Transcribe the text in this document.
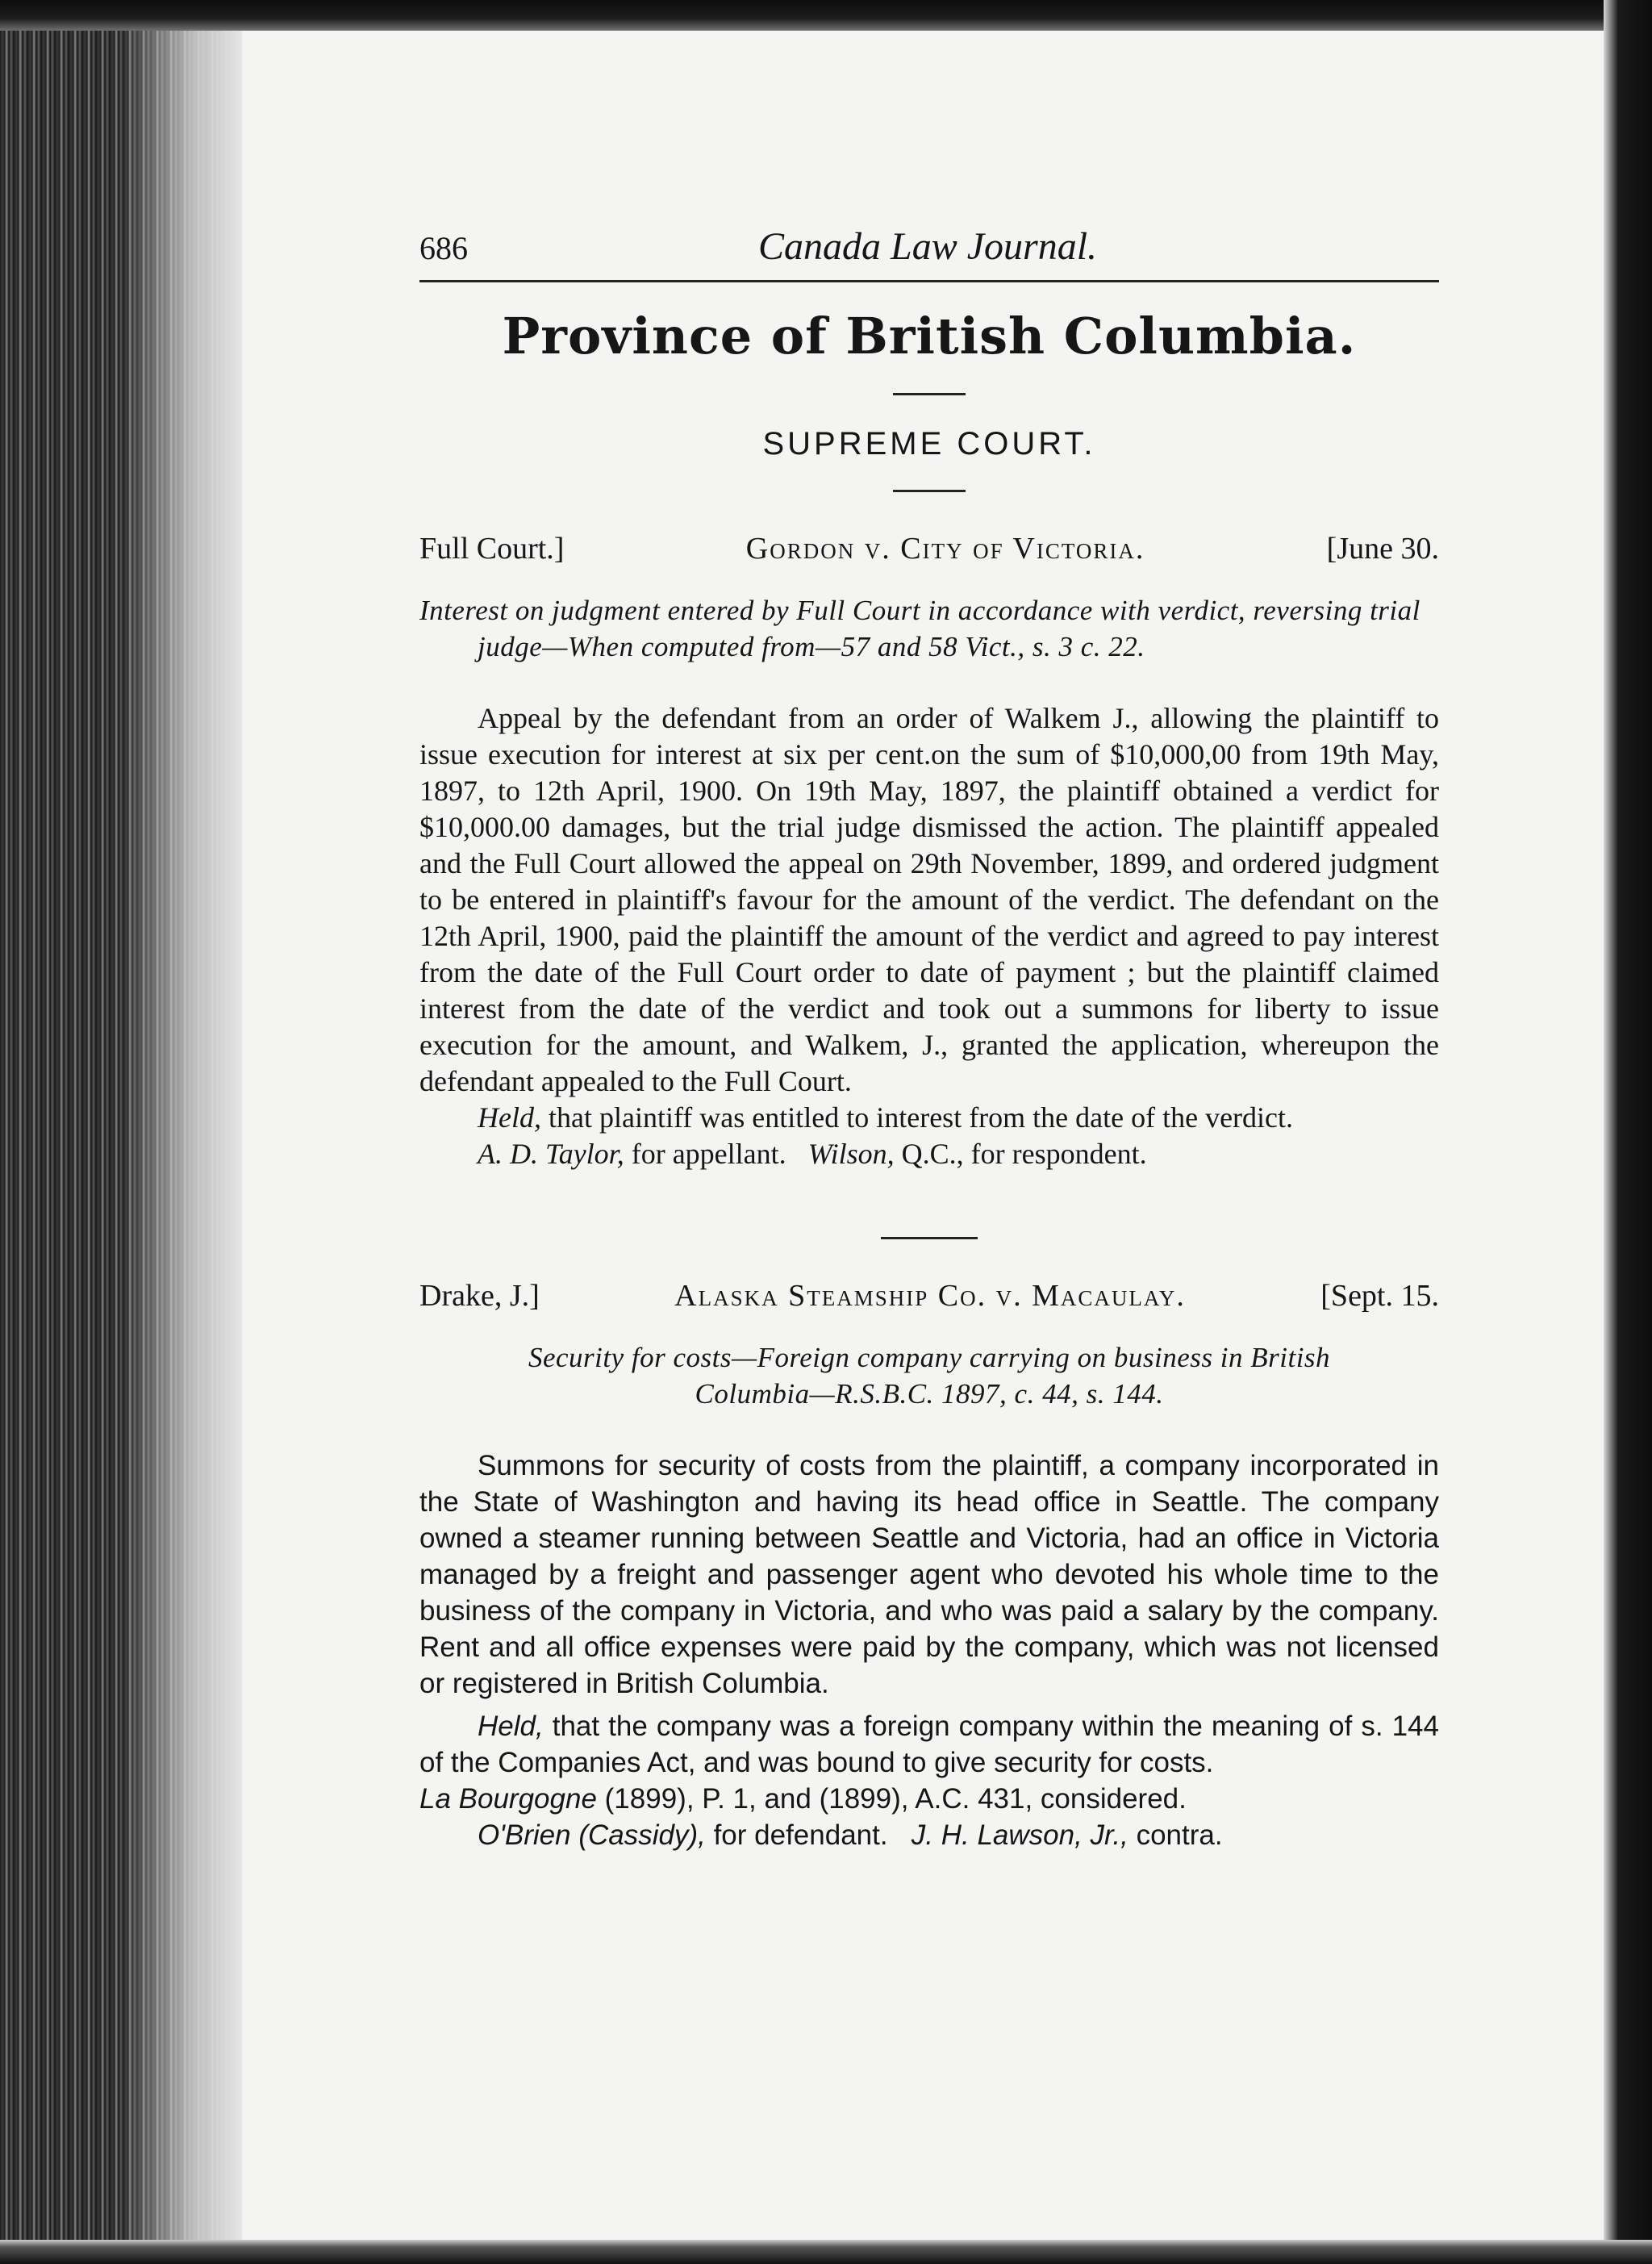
686	Canada Law Journal.
Province of British Columbia.
SUPREME COURT.
Full Court.]	Gordon v. City of Victoria.	[June 30.
Interest on judgment entered by Full Court in accordance with verdict, reversing trial judge—When computed from—57 and 58 Vict., s. 3 c. 22.
Appeal by the defendant from an order of Walkem J., allowing the plaintiff to issue execution for interest at six per cent.on the sum of $10,000,00 from 19th May, 1897, to 12th April, 1900. On 19th May, 1897, the plaintiff obtained a verdict for $10,000.00 damages, but the trial judge dismissed the action. The plaintiff appealed and the Full Court allowed the appeal on 29th November, 1899, and ordered judgment to be entered in plaintiff's favour for the amount of the verdict. The defendant on the 12th April, 1900, paid the plaintiff the amount of the verdict and agreed to pay interest from the date of the Full Court order to date of payment ; but the plaintiff claimed interest from the date of the verdict and took out a summons for liberty to issue execution for the amount, and Walkem, J., granted the application, whereupon the defendant appealed to the Full Court.
Held, that plaintiff was entitled to interest from the date of the verdict.
A. D. Taylor, for appellant. Wilson, Q.C., for respondent.
Drake, J.]	Alaska Steamship Co. v. Macaulay.	[Sept. 15.
Security for costs—Foreign company carrying on business in British
Columbia—R.S.B.C. 1897, c. 44, s. 144.
Summons for security of costs from the plaintiff, a company incorporated in the State of Washington and having its head office in Seattle. The company owned a steamer running between Seattle and Victoria, had an office in Victoria managed by a freight and passenger agent who devoted his whole time to the business of the company in Victoria, and who was paid a salary by the company. Rent and all office expenses were paid by the company, which was not licensed or registered in British Columbia.
Held, that the company was a foreign company within the meaning of s. 144 of the Companies Act, and was bound to give security for costs.
La Bourgogne (1899), P. 1, and (1899), A.C. 431, considered.
O'Brien (Cassidy), for defendant. J. H. Lawson, Jr., contra.
